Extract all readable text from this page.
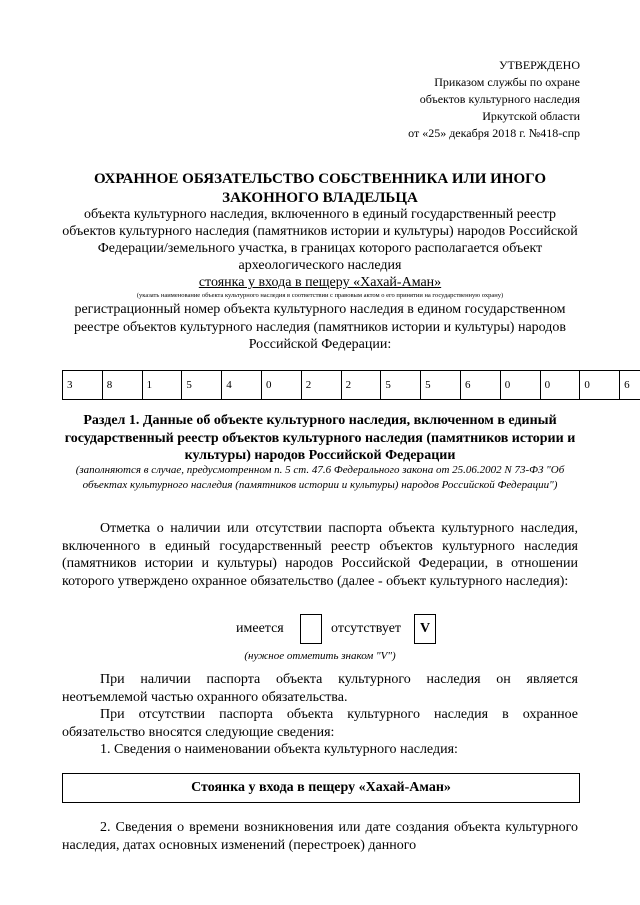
УТВЕРЖДЕНО
Приказом службы по охране
объектов культурного наследия
Иркутской области
от «25» декабря 2018 г. №418-спр
ОХРАННОЕ ОБЯЗАТЕЛЬСТВО СОБСТВЕННИКА ИЛИ ИНОГО ЗАКОННОГО ВЛАДЕЛЬЦА
объекта культурного наследия, включенного в единый государственный реестр объектов культурного наследия (памятников истории и культуры) народов Российской Федерации/земельного участка, в границах которого располагается объект археологического наследия
стоянка у входа в пещеру «Хахай-Аман»
(указать наименование объекта культурного наследия в соответствии с правовым актом о его принятии на государственную охрану)
регистрационный номер объекта культурного наследия в едином государственном реестре объектов культурного наследия (памятников истории и культуры) народов Российской Федерации:
3	8	1	5	4	0	2	2	5	5	6	0	0	0	6
Раздел 1. Данные об объекте культурного наследия, включенном в единый государственный реестр объектов культурного наследия (памятников истории и культуры) народов Российской Федерации
(заполняются в случае, предусмотренном п. 5 ст. 47.6 Федерального закона от 25.06.2002 N 73-ФЗ "Об объектах культурного наследия (памятников истории и культуры) народов Российской Федерации")
Отметка о наличии или отсутствии паспорта объекта культурного наследия, включенного в единый государственный реестр объектов культурного наследия (памятников истории и культуры) народов Российской Федерации, в отношении которого утверждено охранное обязательство (далее - объект культурного наследия):
имеется	отсутствует	V
(нужное отметить знаком "V")
При наличии паспорта объекта культурного наследия он является неотъемлемой частью охранного обязательства.
При отсутствии паспорта объекта культурного наследия в охранное обязательство вносятся следующие сведения:
1. Сведения о наименовании объекта культурного наследия:
Стоянка у входа в пещеру «Хахай-Аман»
2. Сведения о времени возникновения или дате создания объекта культурного наследия, датах основных изменений (перестроек) данного
